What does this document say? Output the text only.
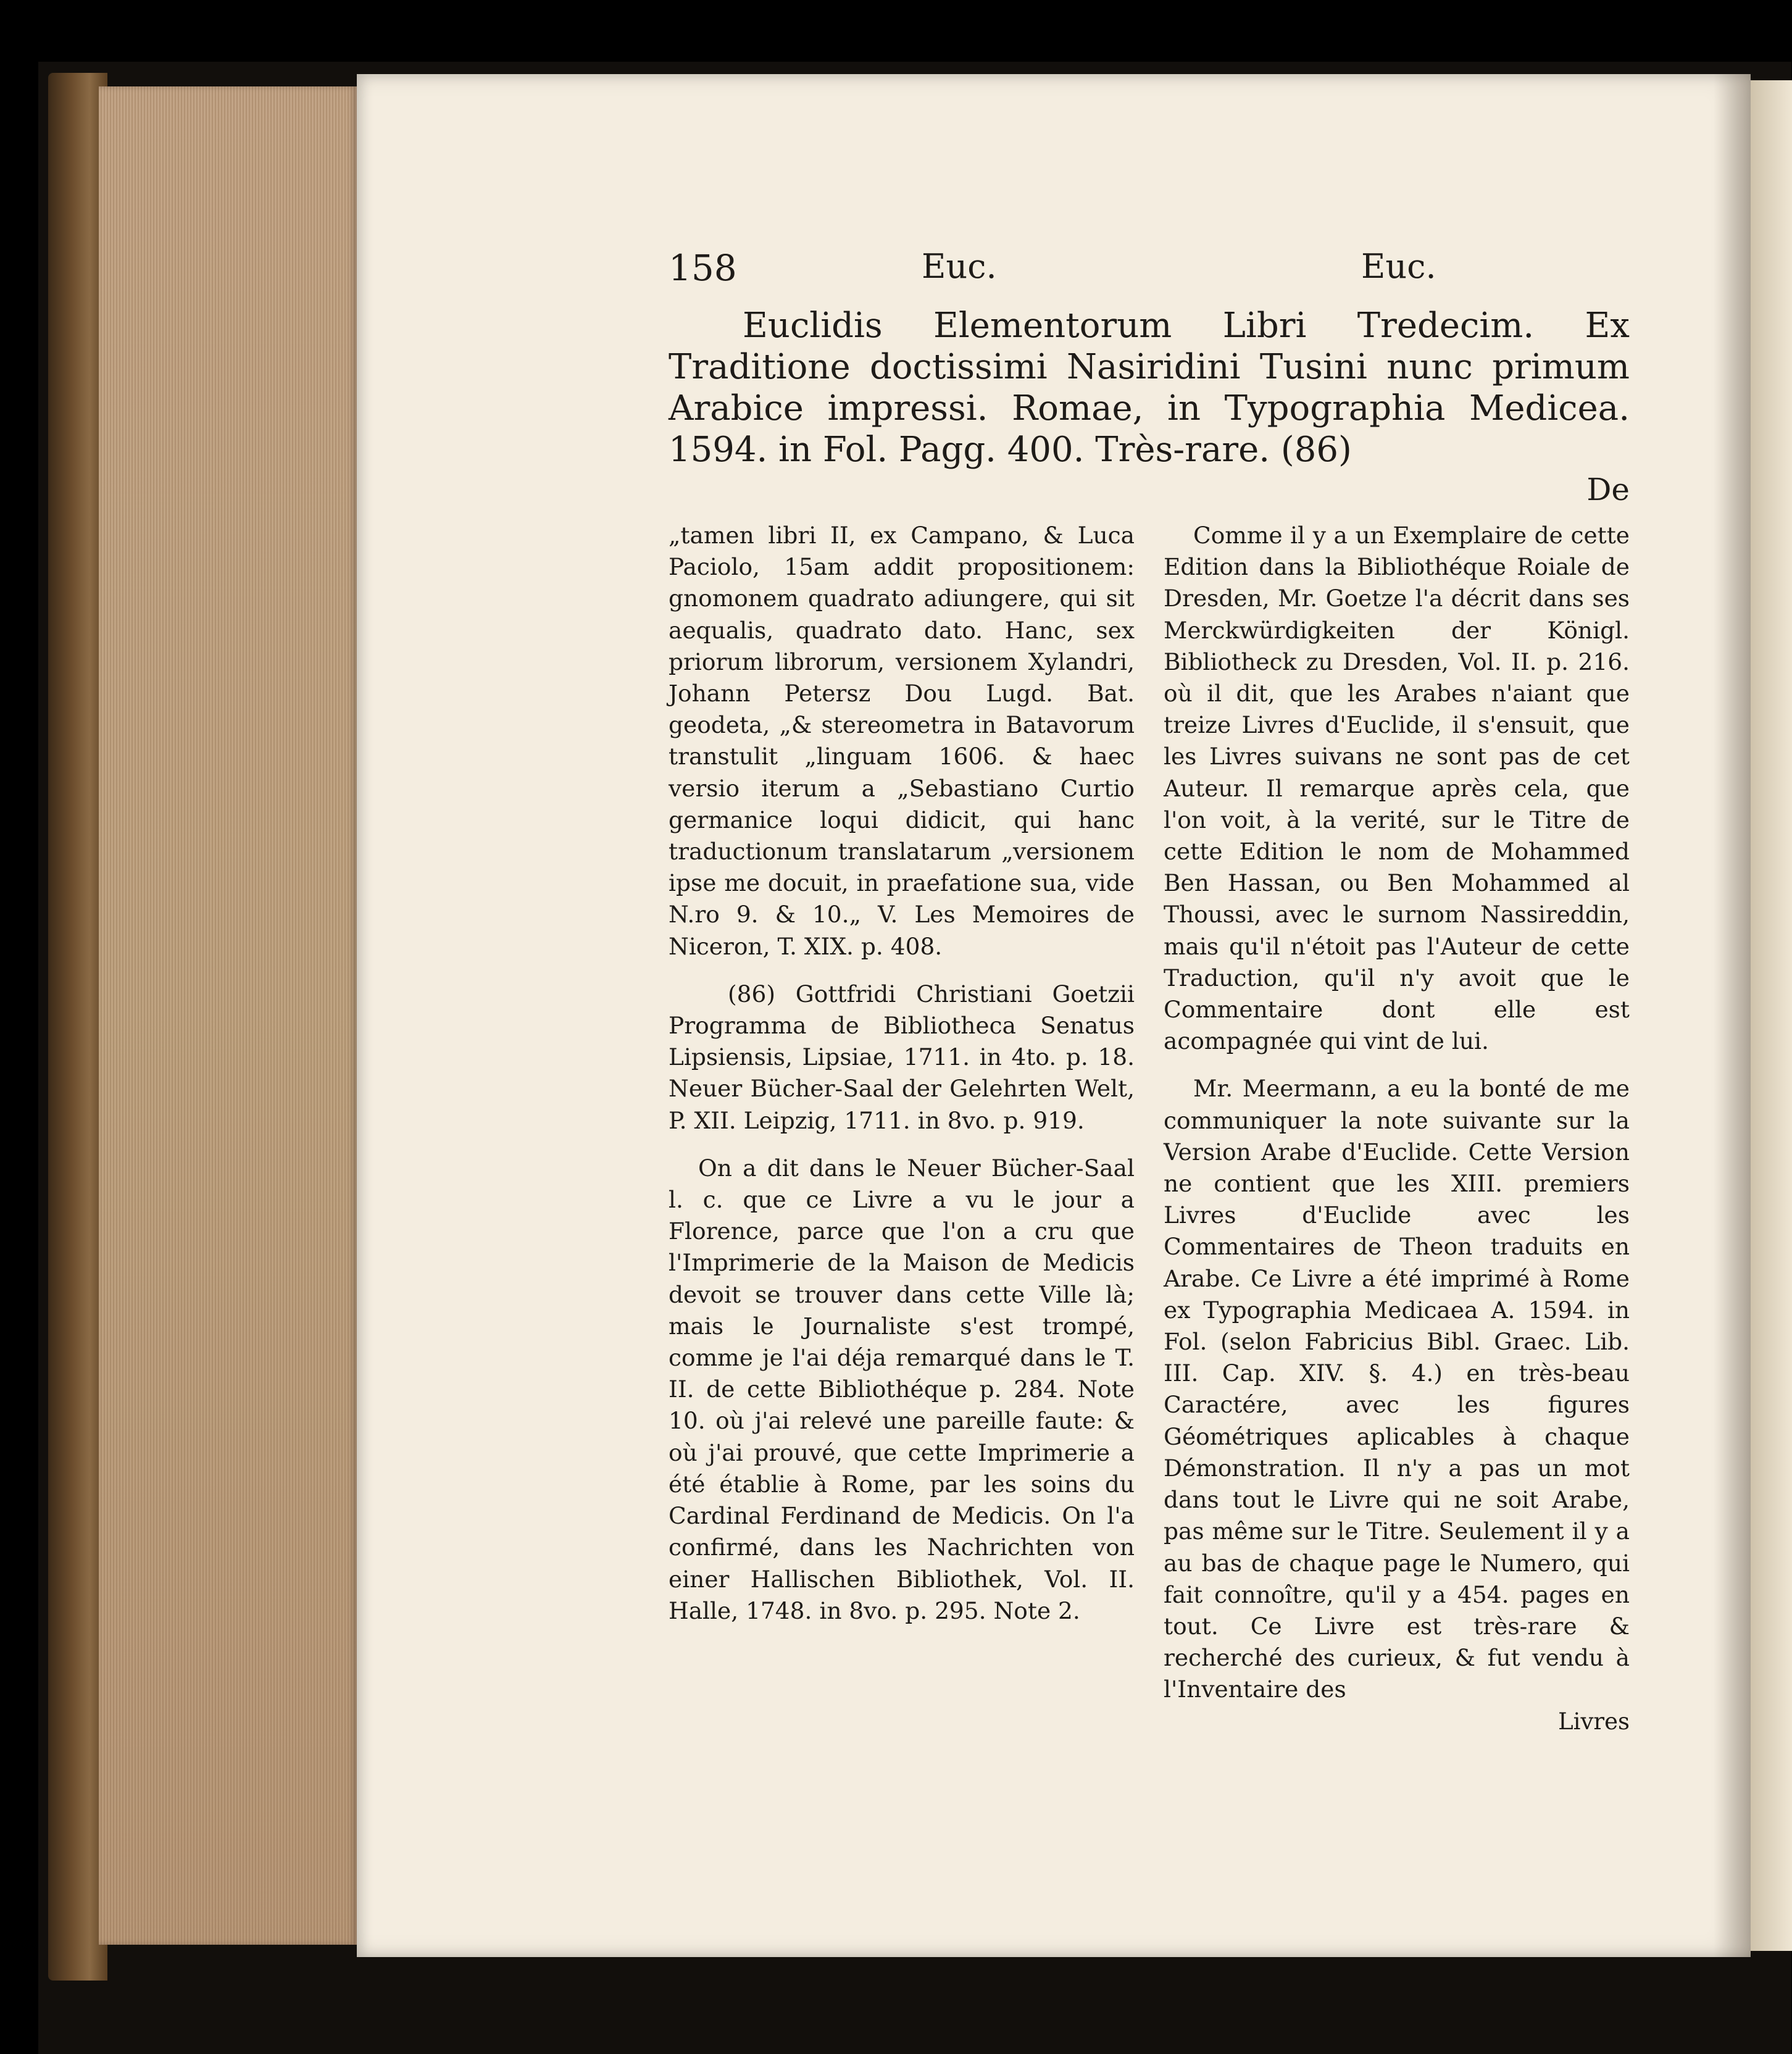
158	Euc.	Euc.
Euclidis Elementorum Libri Tredecim. Ex Traditione doctissimi Nasiridini Tusini nunc primum Arabice impressi. Romae, in Typographia Medicea. 1594. in Fol. Pagg. 400. Très-rare. (86)
De

„tamen libri II, ex Campano, & Luca Paciolo, 15am addit propositionem: gnomonem quadrato adiungere, qui sit aequalis, quadrato dato. Hanc, sex priorum librorum, versionem Xylandri, Johann Petersz Dou Lugd. Bat. geodeta, „& stereometra in Batavorum transtulit „linguam 1606. & haec versio iterum a „Sebastiano Curtio germanice loqui didicit, qui hanc traductionum translatarum „versionem ipse me docuit, in praefatione sua, vide N.ro 9. & 10.„ V. Les Memoires de Niceron, T. XIX. p. 408.

(86) Gottfridi Christiani Goetzii Programma de Bibliotheca Senatus Lipsiensis, Lipsiae, 1711. in 4to. p. 18. Neuer Bücher-Saal der Gelehrten Welt, P. XII. Leipzig, 1711. in 8vo. p. 919.

On a dit dans le Neuer Bücher-Saal l. c. que ce Livre a vu le jour a Florence, parce que l'on a cru que l'Imprimerie de la Maison de Medicis devoit se trouver dans cette Ville là; mais le Journaliste s'est trompé, comme je l'ai déja remarqué dans le T. II. de cette Bibliothéque p. 284. Note 10. où j'ai relevé une pareille faute: & où j'ai prouvé, que cette Imprimerie a été établie à Rome, par les soins du Cardinal Ferdinand de Medicis. On l'a confirmé, dans les Nachrichten von einer Hallischen Bibliothek, Vol. II. Halle, 1748. in 8vo. p. 295. Note 2.

Comme il y a un Exemplaire de cette Edition dans la Bibliothéque Roiale de Dresden, Mr. Goetze l'a décrit dans ses Merckwürdigkeiten der Königl. Bibliotheck zu Dresden, Vol. II. p. 216. où il dit, que les Arabes n'aiant que treize Livres d'Euclide, il s'ensuit, que les Livres suivans ne sont pas de cet Auteur. Il remarque après cela, que l'on voit, à la verité, sur le Titre de cette Edition le nom de Mohammed Ben Hassan, ou Ben Mohammed al Thoussi, avec le surnom Nassireddin, mais qu'il n'étoit pas l'Auteur de cette Traduction, qu'il n'y avoit que le Commentaire dont elle est acompagnée qui vint de lui.

Mr. Meermann, a eu la bonté de me communiquer la note suivante sur la Version Arabe d'Euclide. Cette Version ne contient que les XIII. premiers Livres d'Euclide avec les Commentaires de Theon traduits en Arabe. Ce Livre a été imprimé à Rome ex Typographia Medicaea A. 1594. in Fol. (selon Fabricius Bibl. Graec. Lib. III. Cap. XIV. §. 4.) en très-beau Caractére, avec les figures Géométriques aplicables à chaque Démonstration. Il n'y a pas un mot dans tout le Livre qui ne soit Arabe, pas même sur le Titre. Seulement il y a au bas de chaque page le Numero, qui fait connoître, qu'il y a 454. pages en tout. Ce Livre est très-rare & recherché des curieux, & fut vendu à l'Inventaire des

Livres
